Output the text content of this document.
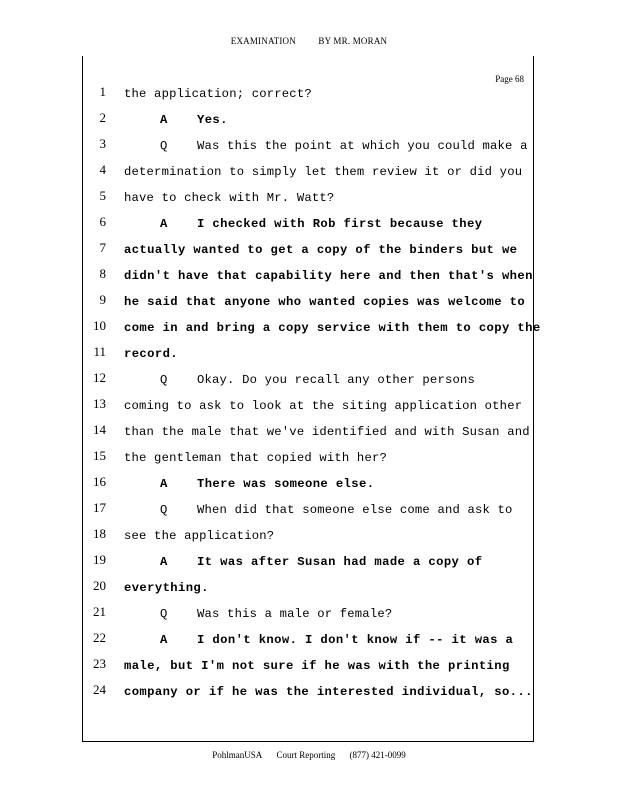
EXAMINATION BY MR. MORAN
Page 68
1 the application; correct?
2	A Yes.
3	Q Was this the point at which you could make a
4 determination to simply let them review it or did you
5 have to check with Mr. Watt?
6	A I checked with Rob first because they
7 actually wanted to get a copy of the binders but we
8 didn't have that capability here and then that's when
9 he said that anyone who wanted copies was welcome to
10 come in and bring a copy service with them to copy the
11 record.
12	Q Okay. Do you recall any other persons
13 coming to ask to look at the siting application other
14 than the male that we've identified and with Susan and
15 the gentleman that copied with her?
16	A There was someone else.
17	Q When did that someone else come and ask to
18 see the application?
19	A It was after Susan had made a copy of
20 everything.
21	Q Was this a male or female?
22	A I don't know. I don't know if -- it was a
23 male, but I'm not sure if he was with the printing
24 company or if he was the interested individual, so...
PohlmanUSA Court Reporting (877) 421-0099
